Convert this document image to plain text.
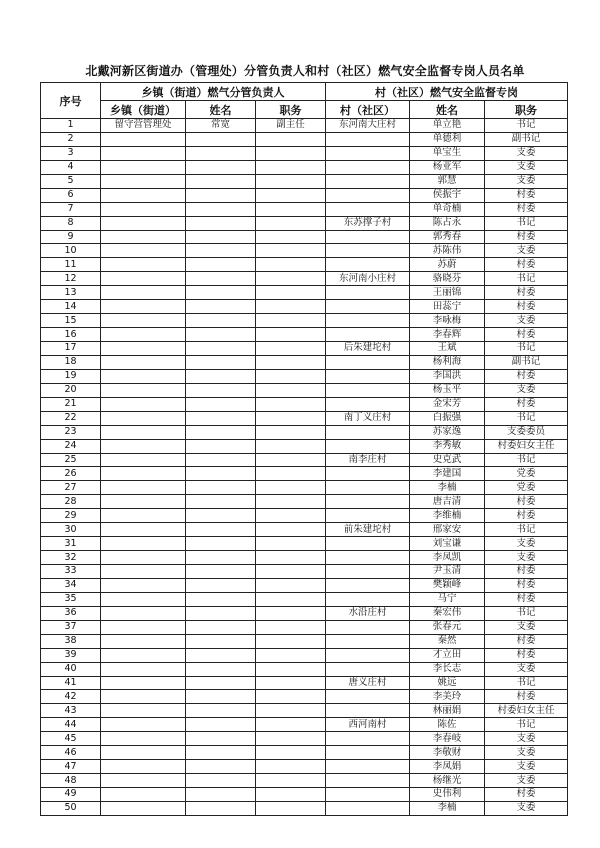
北戴河新区街道办（管理处）分管负责人和村（社区）燃气安全监督专岗人员名单
序号	乡镇（街道）燃气分管负责人			村（社区）燃气安全监督专岗		
	乡镇（街道）	姓名	职务	村（社区）	姓名	职务
1	留守营管理处	常宽	副主任	东河南大庄村	单立艳	书记
2					单德利	副书记
3					单宝生	支委
4					杨亚军	支委
5					郭慧	支委
6					侯振宇	村委
7					单奇楠	村委
8				东苏撑子村	陈占永	书记
9					郭秀春	村委
10					苏陈伟	支委
11					苏蔚	村委
12				东河南小庄村	骆晓芬	书记
13					王丽锦	村委
14					田蕊宁	村委
15					李咏梅	支委
16					李春辉	村委
17				后朱建坨村	王斌	书记
18					杨利海	副书记
19					李国洪	村委
20					杨玉平	支委
21					金宋芳	村委
22				南丁义庄村	白振强	书记
23					苏家逸	支委委员
24					李秀敏	村委妇女主任
25				南李庄村	史克武	书记
26					李建国	党委
27					李楠	党委
28					唐吉清	村委
29					李维楠	村委
30				前朱建坨村	邢家安	书记
31					刘宝谦	支委
32					李凤凯	支委
33					尹玉清	村委
34					樊颖峰	村委
35					马宁	村委
36				水沿庄村	秦宏伟	书记
37					张春元	支委
38					秦然	村委
39					才立田	村委
40					李长志	支委
41				唐义庄村	姚远	书记
42					李美玲	村委
43					林丽娟	村委妇女主任
44				西河南村	陈佐	书记
45					李春岐	支委
46					李敬财	支委
47					李凤娟	支委
48					杨继光	支委
49					史伟利	村委
50					李楠	支委
